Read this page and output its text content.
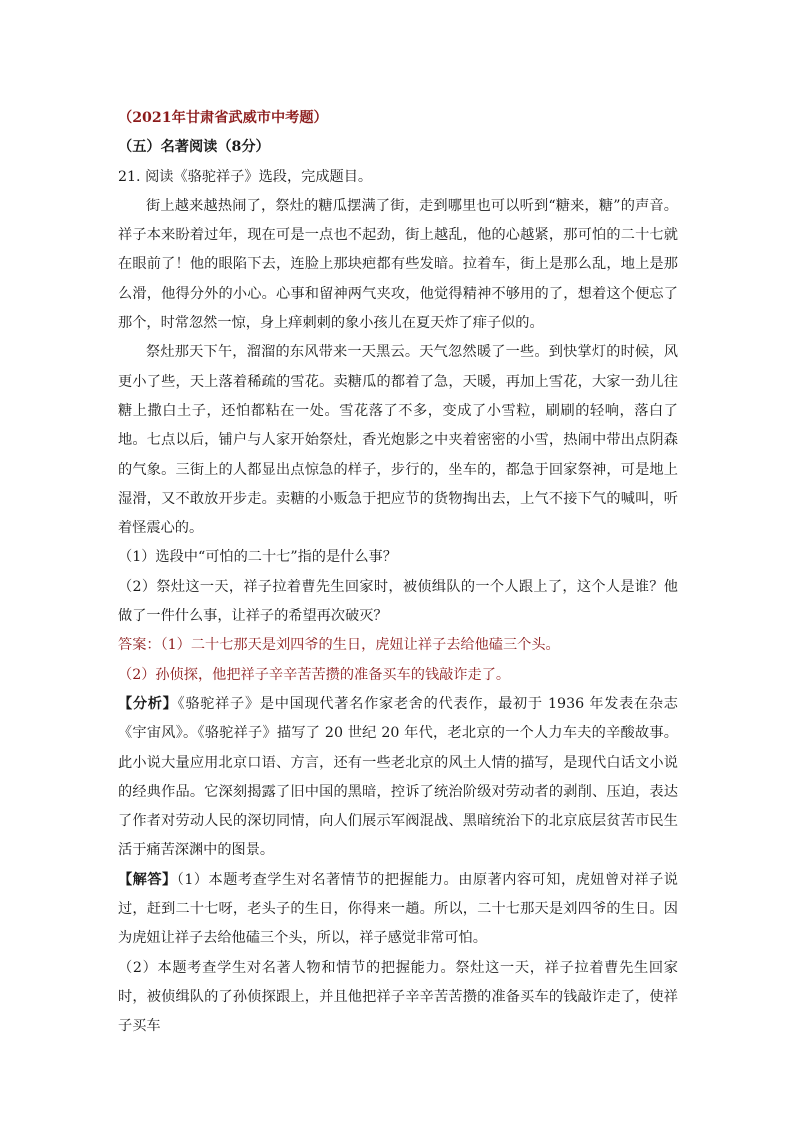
（2021年甘肃省武威市中考题）

（五）名著阅读（8分）

21. 阅读《骆驼祥子》选段，完成题目。

街上越来越热闹了，祭灶的糖瓜摆满了街，走到哪里也可以听到“糖来，糖”的声音。祥子本来盼着过年，现在可是一点也不起劲，街上越乱，他的心越紧，那可怕的二十七就在眼前了！他的眼陷下去，连脸上那块疤都有些发暗。拉着车，街上是那么乱，地上是那么滑，他得分外的小心。心事和留神两气夹攻，他觉得精神不够用的了，想着这个便忘了那个，时常忽然一惊，身上痒刺刺的象小孩儿在夏天炸了痱子似的。

祭灶那天下午，溜溜的东风带来一天黑云。天气忽然暖了一些。到快掌灯的时候，风更小了些，天上落着稀疏的雪花。卖糖瓜的都着了急，天暖，再加上雪花，大家一劲儿往糖上撒白土子，还怕都粘在一处。雪花落了不多，变成了小雪粒，刷刷的轻响，落白了地。七点以后，铺户与人家开始祭灶，香光炮影之中夹着密密的小雪，热闹中带出点阴森的气象。三街上的人都显出点惊急的样子，步行的，坐车的，都急于回家祭神，可是地上湿滑，又不敢放开步走。卖糖的小贩急于把应节的货物掏出去，上气不接下气的喊叫，听着怪震心的。

（1）选段中“可怕的二十七”指的是什么事？

（2）祭灶这一天，祥子拉着曹先生回家时，被侦缉队的一个人跟上了，这个人是谁？他做了一件什么事，让祥子的希望再次破灭？

答案：（1）二十七那天是刘四爷的生日，虎妞让祥子去给他磕三个头。

（2）孙侦探，他把祥子辛辛苦苦攒的准备买车的钱敲诈走了。

【分析】《骆驼祥子》是中国现代著名作家老舍的代表作，最初于 1936 年发表在杂志《宇宙风》。《骆驼祥子》描写了 20 世纪 20 年代，老北京的一个人力车夫的辛酸故事。此小说大量应用北京口语、方言，还有一些老北京的风土人情的描写，是现代白话文小说的经典作品。它深刻揭露了旧中国的黑暗，控诉了统治阶级对劳动者的剥削、压迫，表达了作者对劳动人民的深切同情，向人们展示军阀混战、黑暗统治下的北京底层贫苦市民生活于痛苦深渊中的图景。

【解答】（1）本题考查学生对名著情节的把握能力。由原著内容可知，虎妞曾对祥子说过，赶到二十七呀，老头子的生日，你得来一趟。所以，二十七那天是刘四爷的生日。因为虎妞让祥子去给他磕三个头，所以，祥子感觉非常可怕。

（2）本题考查学生对名著人物和情节的把握能力。祭灶这一天，祥子拉着曹先生回家时，被侦缉队的了孙侦探跟上，并且他把祥子辛辛苦苦攒的准备买车的钱敲诈走了，使祥子买车
